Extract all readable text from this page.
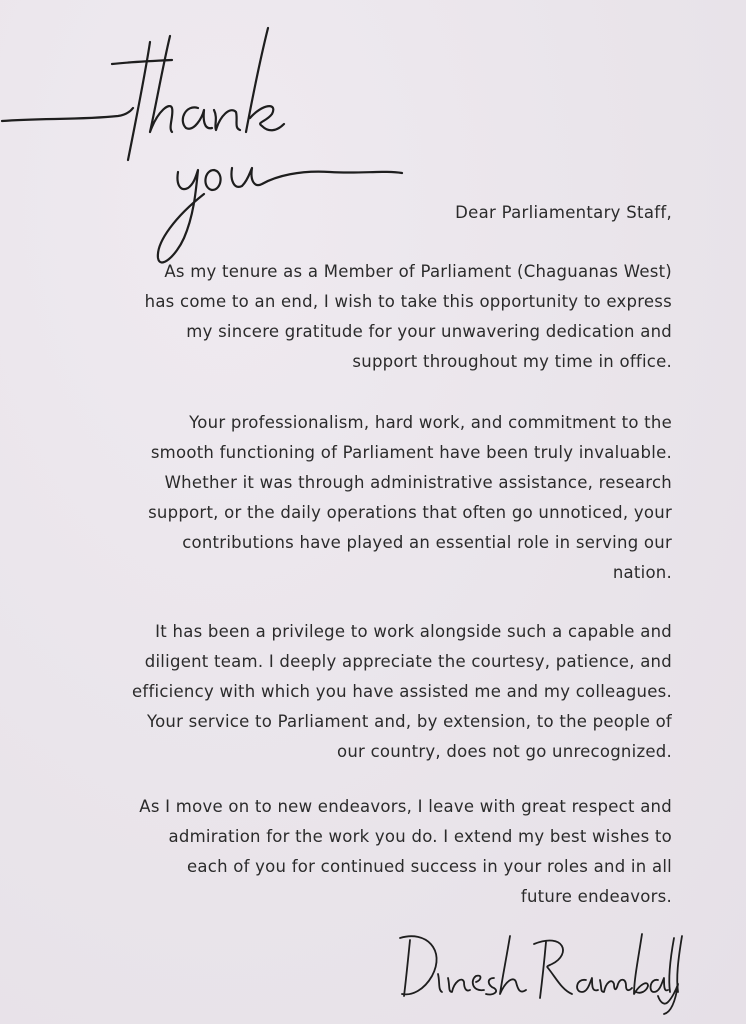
Dear Parliamentary Staff,

As my tenure as a Member of Parliament (Chaguanas West)
has come to an end, I wish to take this opportunity to express
my sincere gratitude for your unwavering dedication and
support throughout my time in office.

Your professionalism, hard work, and commitment to the
smooth functioning of Parliament have been truly invaluable.
Whether it was through administrative assistance, research
support, or the daily operations that often go unnoticed, your
contributions have played an essential role in serving our
nation.

It has been a privilege to work alongside such a capable and
diligent team. I deeply appreciate the courtesy, patience, and
efficiency with which you have assisted me and my colleagues.
Your service to Parliament and, by extension, to the people of
our country, does not go unrecognized.

As I move on to new endeavors, I leave with great respect and
admiration for the work you do. I extend my best wishes to
each of you for continued success in your roles and in all
future endeavors.
